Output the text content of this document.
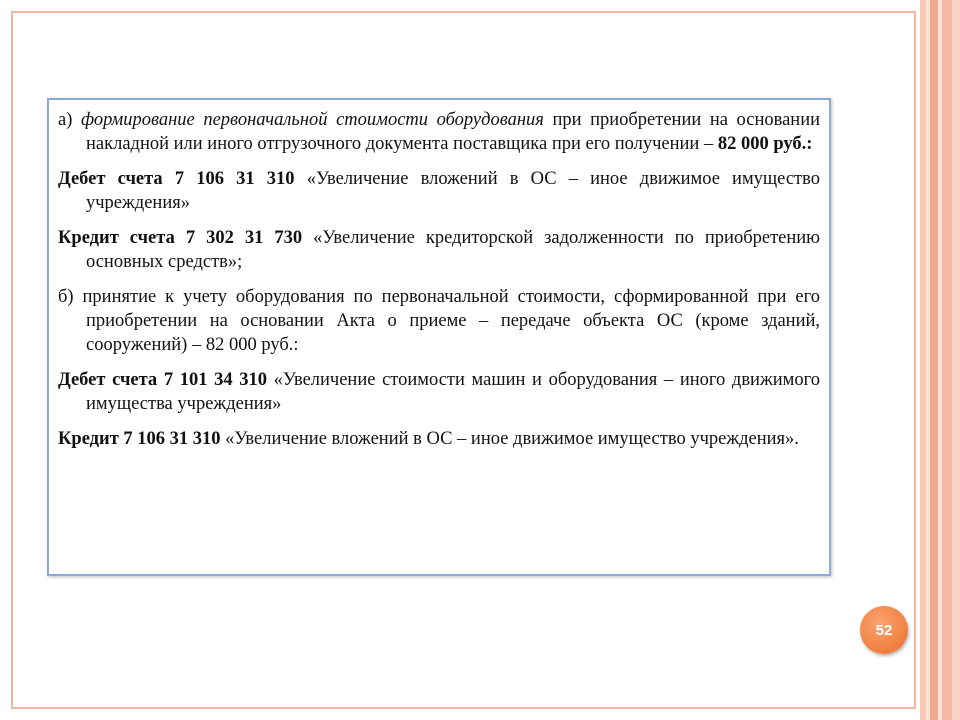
а) формирование первоначальной стоимости оборудования при приобретении на основании накладной или иного отгрузочного документа поставщика при его получении – 82 000 руб.:

Дебет счета 7 106 31 310 «Увеличение вложений в ОС – иное движимое имущество учреждения»

Кредит счета 7 302 31 730 «Увеличение кредиторской задолженности по приобретению основных средств»;

б) принятие к учету оборудования по первоначальной стоимости, сформированной при его приобретении на основании Акта о приеме – передаче объекта ОС (кроме зданий, сооружений) – 82 000 руб.:

Дебет счета 7 101 34 310 «Увеличение стоимости машин и оборудования – иного движимого имущества учреждения»

Кредит 7 106 31 310 «Увеличение вложений в ОС – иное движимое имущество учреждения».

52
